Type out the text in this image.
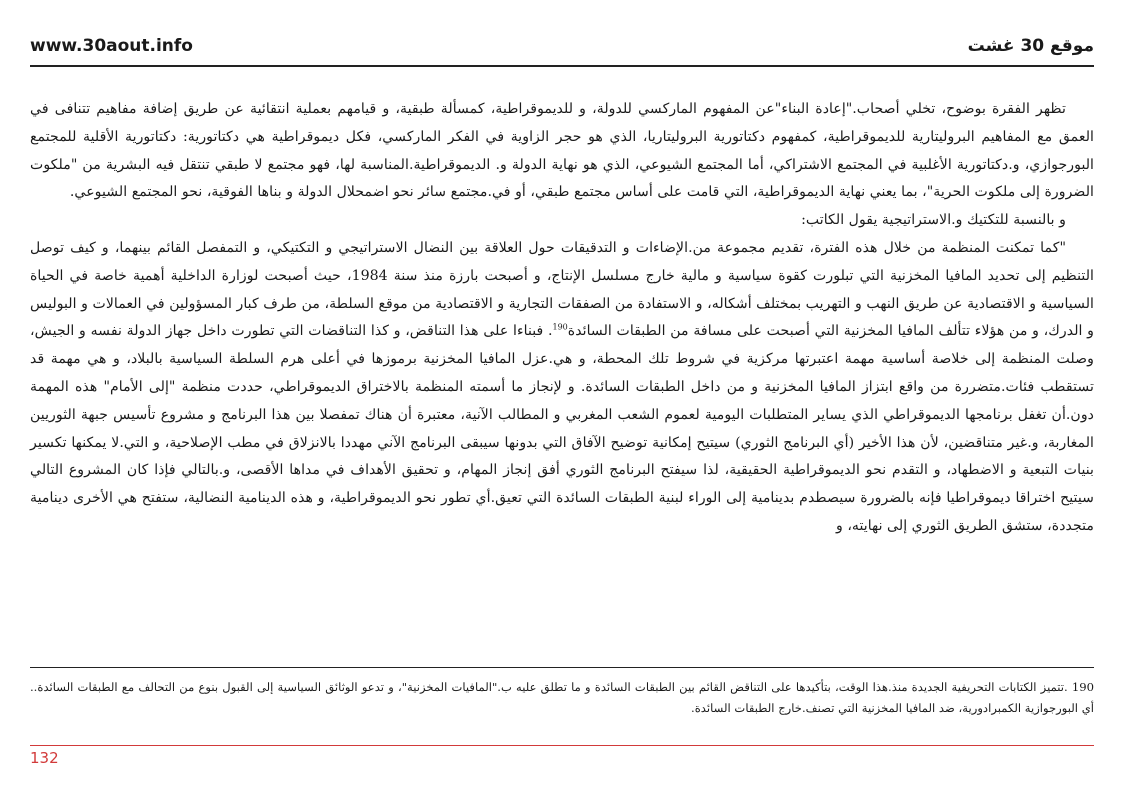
www.30aout.info	موقع 30 غشت

تظهر الفقرة بوضوح، تخلي أصحاب."إعادة البناء"عن المفهوم الماركسي للدولة، و للديموقراطية، كمسألة طبقية، و قيامهم بعملية انتقائية عن طريق إضافة مفاهيم تتنافى في العمق مع المفاهيم البروليتارية للديموقراطية، كمفهوم دكتاتورية البروليتاريا، الذي هو حجر الزاوية في الفكر الماركسي، فكل ديموقراطية هي دكتاتورية: دكتاتورية الأقلية للمجتمع البورجوازي، و.دكتاتورية الأغلبية في المجتمع الاشتراكي، أما المجتمع الشيوعي، الذي هو نهاية الدولة و. الديموقراطية.المناسبة لها، فهو مجتمع لا طبقي تنتقل فيه البشرية من "ملكوت الضرورة إلى ملكوت الحرية"، بما يعني نهاية الديموقراطية، التي قامت على أساس مجتمع طبقي، أو في.مجتمع سائر نحو اضمحلال الدولة و بناها الفوقية، نحو المجتمع الشيوعي.

و بالنسبة للتكتيك و.الاستراتيجية يقول الكاتب:

"كما تمكنت المنظمة من خلال هذه الفترة، تقديم مجموعة من.الإضاءات و التدقيقات حول العلاقة بين النضال الاستراتيجي و التكتيكي، و التمفصل القائم بينهما، و كيف توصل التنظيم إلى تحديد المافيا المخزنية التي تبلورت كقوة سياسية و مالية خارج مسلسل الإنتاج، و أصبحت بارزة منذ سنة 1984، حيث أصبحت لوزارة الداخلية أهمية خاصة في الحياة السياسية و الاقتصادية عن طريق النهب و التهريب بمختلف أشكاله، و الاستفادة من الصفقات التجارية و الاقتصادية من موقع السلطة، من طرف كبار المسؤولين في العمالات و البوليس و الدرك، و من هؤلاء تتألف المافيا المخزنية التي أصبحت على مسافة من الطبقات السائدة$^{190}$. فبناءا على هذا التناقض، و كذا التناقضات التي تطورت داخل جهاز الدولة نفسه و الجيش، وصلت المنظمة إلى خلاصة أساسية مهمة اعتبرتها مركزية في شروط تلك المحطة، و هي.عزل المافيا المخزنية برموزها في أعلى هرم السلطة السياسية بالبلاد، و هي مهمة قد تستقطب فئات.متضررة من واقع ابتزاز المافيا المخزنية و من داخل الطبقات السائدة. و لإنجاز ما أسمته المنظمة بالاختراق الديموقراطي، حددت منظمة "إلى الأمام" هذه المهمة دون.أن تغفل برنامجها الديموقراطي الذي يساير المتطلبات اليومية لعموم الشعب المغربي و المطالب الآنية، معتبرة أن هناك تمفصلا بين هذا البرنامج و مشروع تأسيس جبهة الثوريين المغاربة، و.غير متناقضين، لأن هذا الأخير (أي البرنامج الثوري) سيتيح إمكانية توضيح الآفاق التي بدونها سيبقى البرنامج الآني مهددا بالانزلاق في مطب الإصلاحية، و التي.لا يمكنها تكسير بنيات التبعية و الاضطهاد، و التقدم نحو الديموقراطية الحقيقية، لذا سيفتح البرنامج الثوري أفق إنجاز المهام، و تحقيق الأهداف في مداها الأقصى، و.بالتالي فإذا كان المشروع التالي سيتيح اختراقا ديموقراطيا فإنه بالضرورة سيصطدم بدينامية إلى الوراء لبنية الطبقات السائدة التي تعيق.أي تطور نحو الديموقراطية، و هذه الدينامية النضالية، ستفتح هي الأخرى دينامية متجددة، ستشق الطريق الثوري إلى نهايته، و

190 .تتميز الكتابات التحريفية الجديدة منذ.هذا الوقت، بتأكيدها على التناقض القائم بين الطبقات السائدة و ما تطلق عليه ب."المافيات المخزنية"، و تدعو الوثائق السياسية إلى القبول بنوع من التحالف مع الطبقات السائدة.. أي البورجوازية الكمبرادورية، ضد المافيا المخزنية التي تصنف.خارج الطبقات السائدة.

132
